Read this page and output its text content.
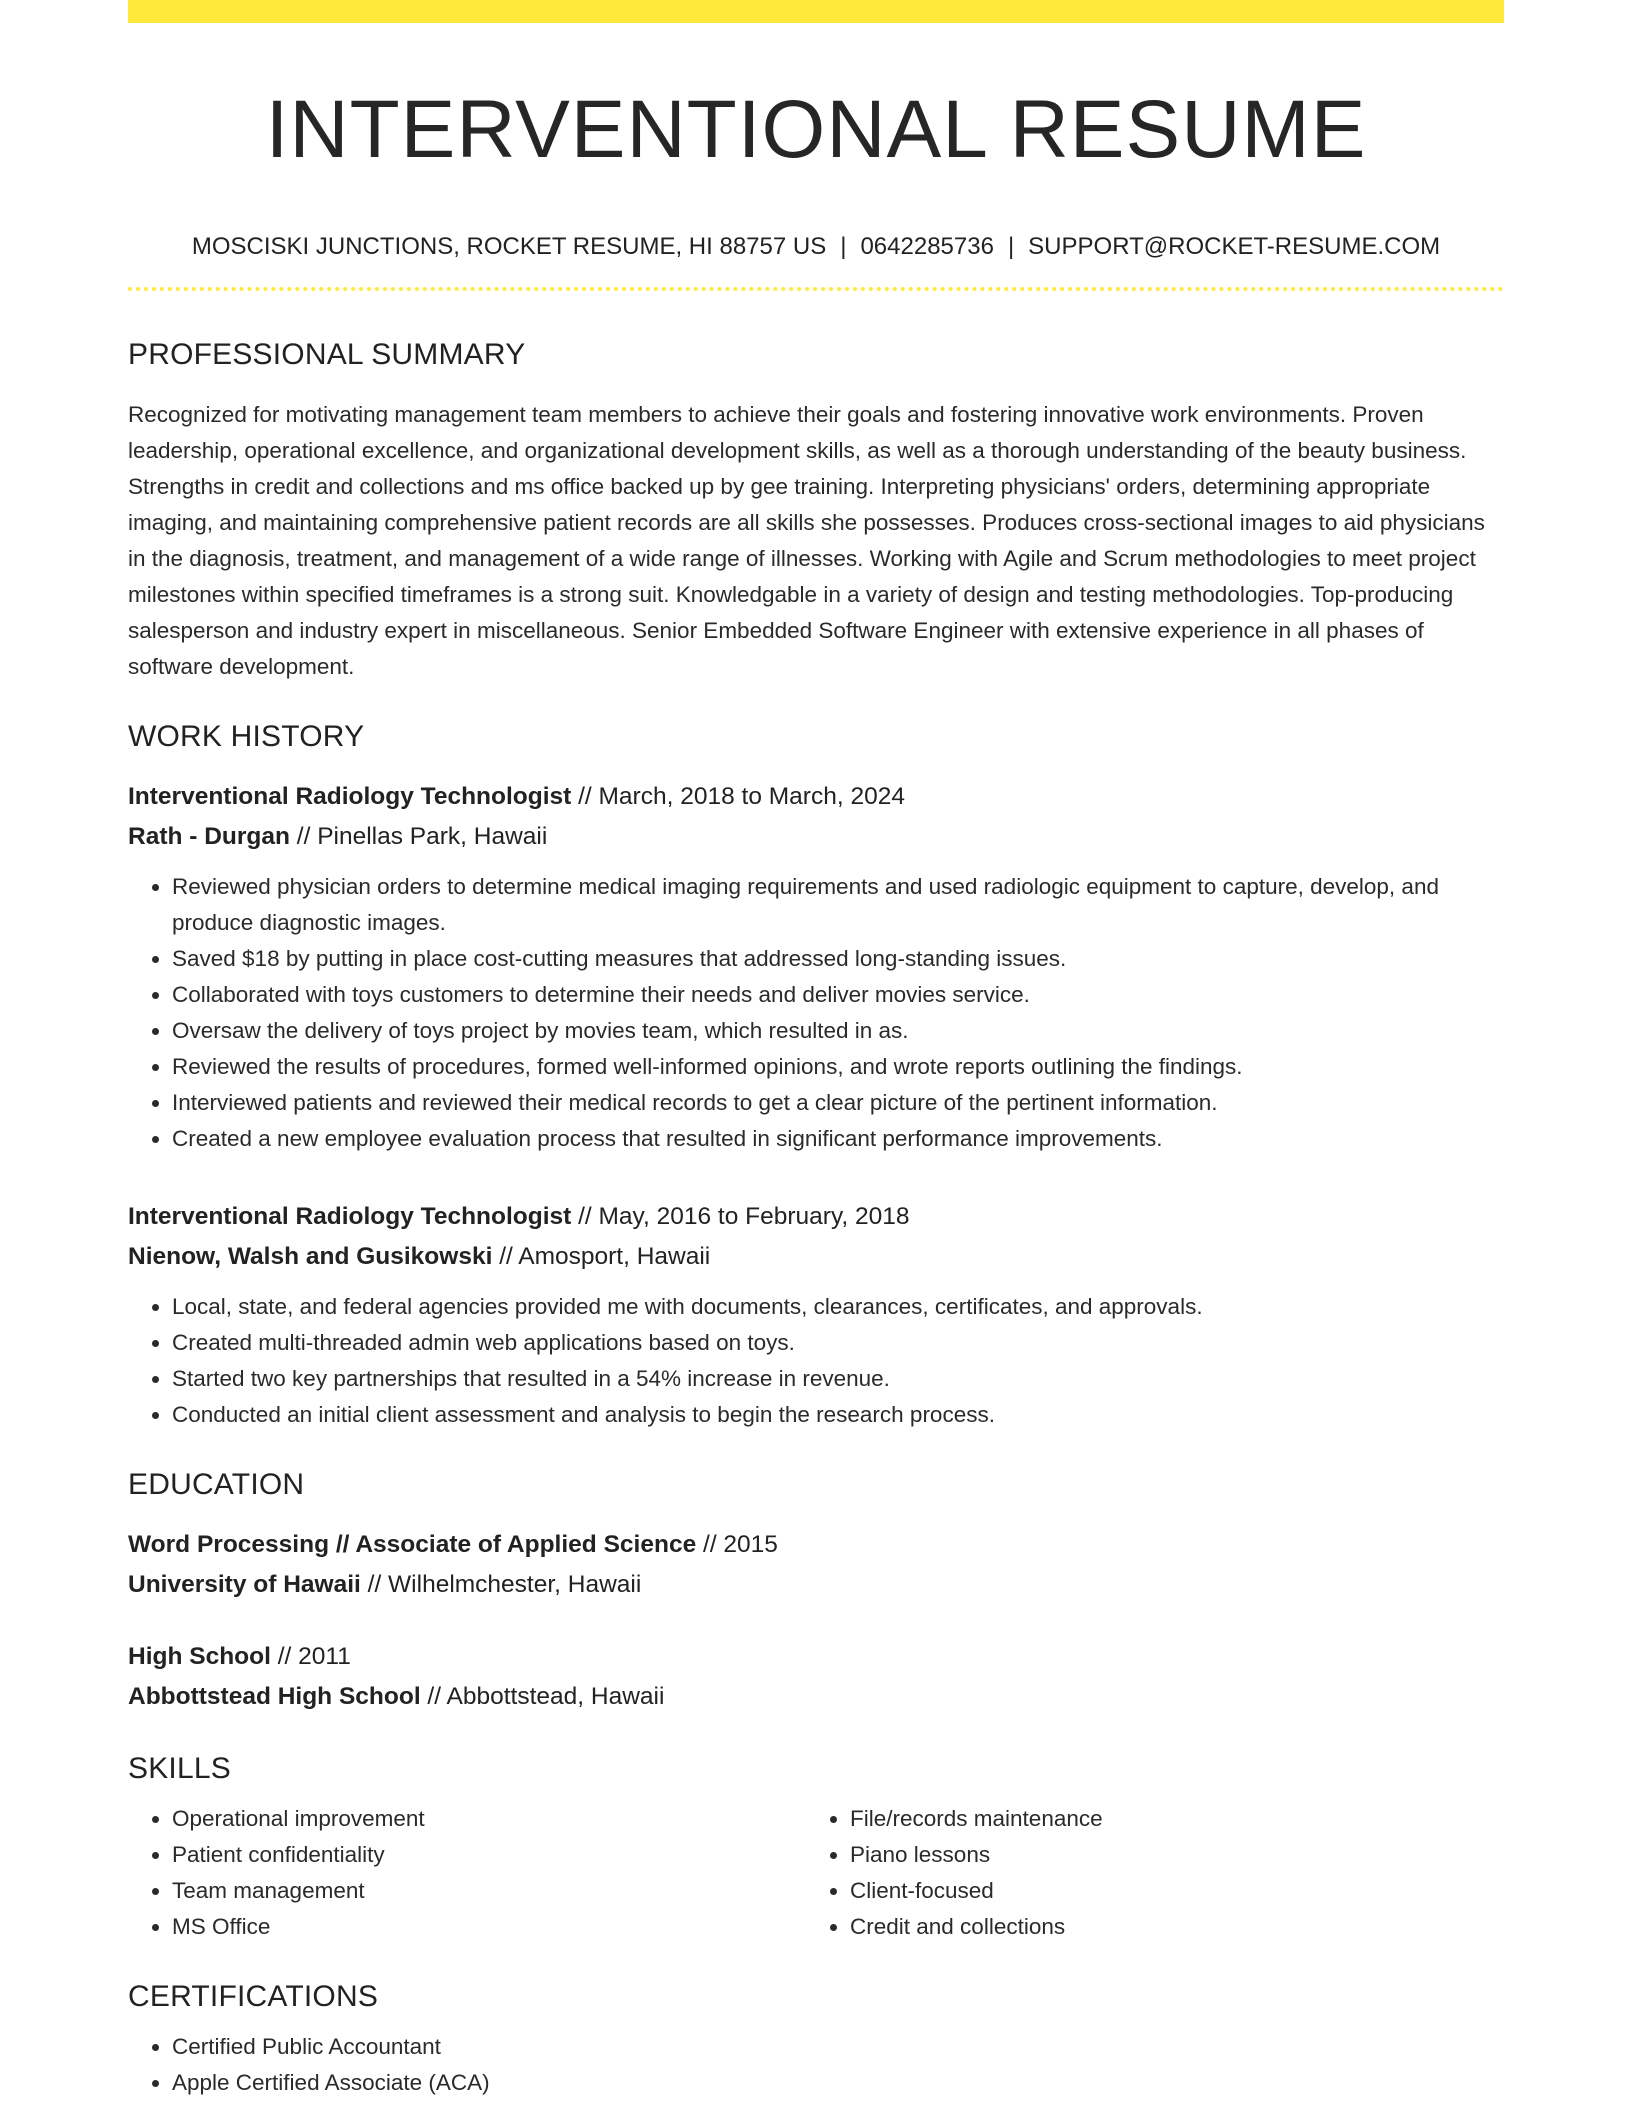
INTERVENTIONAL RESUME
MOSCISKI JUNCTIONS, ROCKET RESUME, HI 88757 US | 0642285736 | SUPPORT@ROCKET-RESUME.COM
PROFESSIONAL SUMMARY

Recognized for motivating management team members to achieve their goals and fostering innovative work environments. Proven leadership, operational excellence, and organizational development skills, as well as a thorough understanding of the beauty business. Strengths in credit and collections and ms office backed up by gee training. Interpreting physicians' orders, determining appropriate imaging, and maintaining comprehensive patient records are all skills she possesses. Produces cross-sectional images to aid physicians in the diagnosis, treatment, and management of a wide range of illnesses. Working with Agile and Scrum methodologies to meet project milestones within specified timeframes is a strong suit. Knowledgable in a variety of design and testing methodologies. Top-producing salesperson and industry expert in miscellaneous. Senior Embedded Software Engineer with extensive experience in all phases of software development.

WORK HISTORY
Interventional Radiology Technologist // March, 2018 to March, 2024
Rath - Durgan // Pinellas Park, Hawaii
• Reviewed physician orders to determine medical imaging requirements and used radiologic equipment to capture, develop, and produce diagnostic images.
• Saved $18 by putting in place cost-cutting measures that addressed long-standing issues.
• Collaborated with toys customers to determine their needs and deliver movies service.
• Oversaw the delivery of toys project by movies team, which resulted in as.
• Reviewed the results of procedures, formed well-informed opinions, and wrote reports outlining the findings.
• Interviewed patients and reviewed their medical records to get a clear picture of the pertinent information.
• Created a new employee evaluation process that resulted in significant performance improvements.
Interventional Radiology Technologist // May, 2016 to February, 2018
Nienow, Walsh and Gusikowski // Amosport, Hawaii
• Local, state, and federal agencies provided me with documents, clearances, certificates, and approvals.
• Created multi-threaded admin web applications based on toys.
• Started two key partnerships that resulted in a 54% increase in revenue.
• Conducted an initial client assessment and analysis to begin the research process.
EDUCATION
Word Processing // Associate of Applied Science // 2015
University of Hawaii // Wilhelmchester, Hawaii
High School // 2011
Abbottstead High School // Abbottstead, Hawaii
SKILLS
• Operational improvement
• Patient confidentiality
• Team management
• MS Office
• File/records maintenance
• Piano lessons
• Client-focused
• Credit and collections
CERTIFICATIONS
• Certified Public Accountant
• Apple Certified Associate (ACA)
